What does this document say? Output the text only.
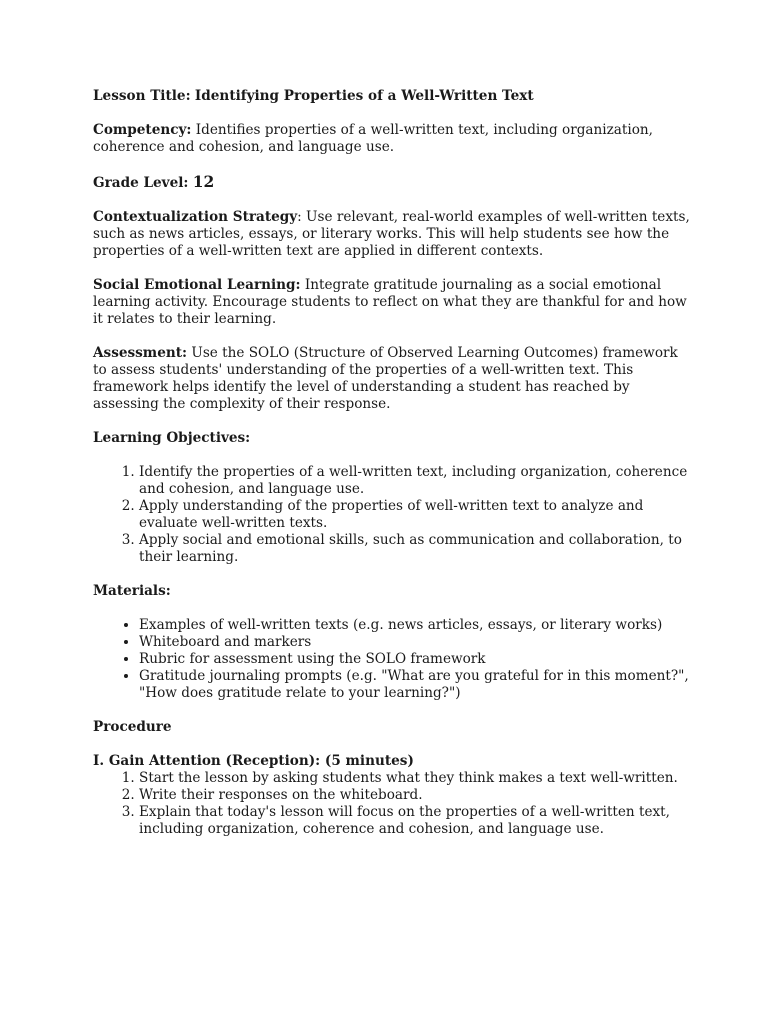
Lesson Title: Identifying Properties of a Well-Written Text

Competency: Identifies properties of a well-written text, including organization, coherence and cohesion, and language use.

Grade Level: 12

Contextualization Strategy: Use relevant, real-world examples of well-written texts, such as news articles, essays, or literary works. This will help students see how the properties of a well-written text are applied in different contexts.

Social Emotional Learning: Integrate gratitude journaling as a social emotional learning activity. Encourage students to reflect on what they are thankful for and how it relates to their learning.

Assessment: Use the SOLO (Structure of Observed Learning Outcomes) framework to assess students' understanding of the properties of a well-written text. This framework helps identify the level of understanding a student has reached by assessing the complexity of their response.

Learning Objectives:

1. Identify the properties of a well-written text, including organization, coherence and cohesion, and language use.
2. Apply understanding of the properties of well-written text to analyze and evaluate well-written texts.
3. Apply social and emotional skills, such as communication and collaboration, to their learning.

Materials:

• Examples of well-written texts (e.g. news articles, essays, or literary works)
• Whiteboard and markers
• Rubric for assessment using the SOLO framework
• Gratitude journaling prompts (e.g. "What are you grateful for in this moment?", "How does gratitude relate to your learning?")

Procedure

I. Gain Attention (Reception): (5 minutes)

1. Start the lesson by asking students what they think makes a text well-written.
2. Write their responses on the whiteboard.
3. Explain that today's lesson will focus on the properties of a well-written text, including organization, coherence and cohesion, and language use.
